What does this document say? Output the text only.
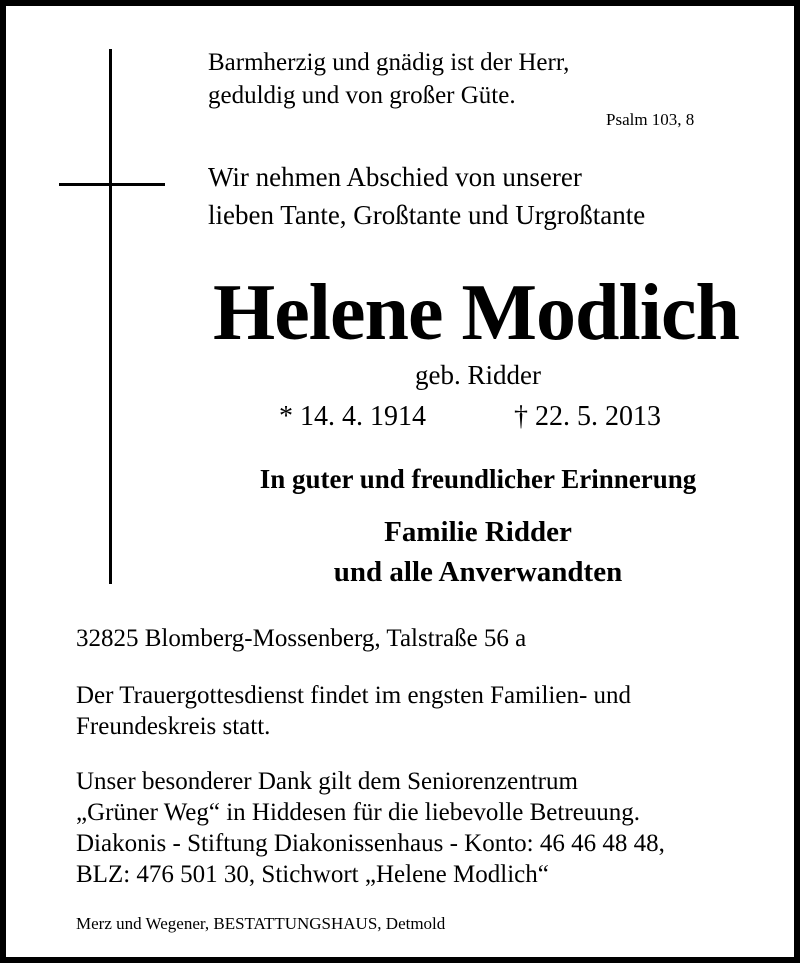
Barmherzig und gnädig ist der Herr,
geduldig und von großer Güte.
Psalm 103, 8
Wir nehmen Abschied von unserer
lieben Tante, Großtante und Urgroßtante
Helene Modlich
geb. Ridder
* 14. 4. 1914	† 22. 5. 2013
In guter und freundlicher Erinnerung
Familie Ridder
und alle Anverwandten
32825 Blomberg-Mossenberg, Talstraße 56 a
Der Trauergottesdienst findet im engsten Familien- und
Freundeskreis statt.
Unser besonderer Dank gilt dem Seniorenzentrum
„Grüner Weg“ in Hiddesen für die liebevolle Betreuung.
Diakonis - Stiftung Diakonissenhaus - Konto: 46 46 48 48,
BLZ: 476 501 30, Stichwort „Helene Modlich“
Merz und Wegener, BESTATTUNGSHAUS, Detmold
